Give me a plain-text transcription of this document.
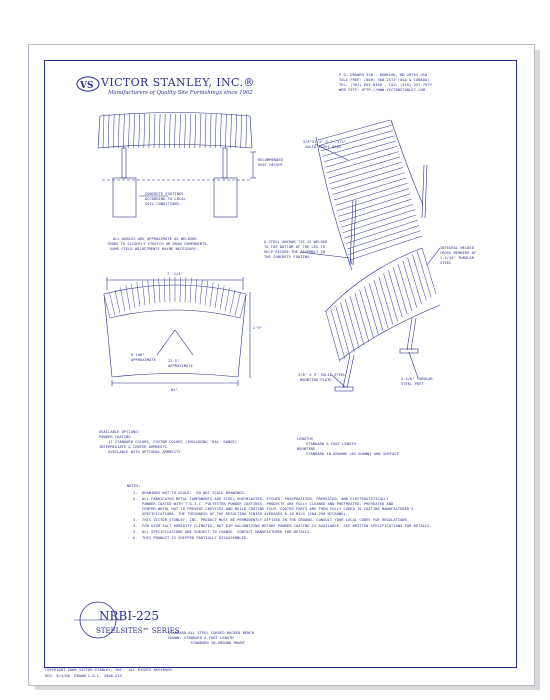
VS VICTOR STANLEY, INC.®
Manufacturers of Quality Site Furnishings since 1962
P.O. DRAWER 330 - DUNKIRK, MD 20754 USA
TOLL FREE: (800) 368-2573 (USA & CANADA)
TEL: (301) 855-8300 - FAX: (410) 257-7579
WEB SITE: HTTP://WWW.VICTORSTANLEY.COM
RECOMMENDED
SEAT HEIGHT
CONCRETE FOOTINGS
ACCORDING TO LOCAL
SOIL CONDITIONS.
ALL ANGLES ARE APPROXIMATE AS WELDING
TENDS TO SLIGHTLY STRETCH OR DRAW COMPONENTS.
SOME FIELD ADJUSTMENTS MAYBE NECESSARY.
7'-1/4"
2'9"
R 108"
APPROXIMATE	22.5°
APPROXIMATE
82"
3/8"X1/4" X 7'-1/2"
SOLID STEEL BARS
A STEEL ANCHOR TIE IS WELDED
TO THE BOTTOM OF THE LEG TO
HELP SECURE THE ASSEMBLY IN
THE CONCRETE FOOTING
INTEGRAL WELDED
CROSS MEMBERS OF
1-5/16" TUBULAR
STEEL
3/8" X 3" SOLID STEEL
MOUNTING PLATE	2-3/8" TUBULAR
STEEL POST
AVAILABLE OPTIONS:
POWDER COATING
17 STANDARD COLORS, CUSTOM COLORS (INCLUDING 'RAL' RANGE)
INTERMEDIATE & CENTER ARMRESTS
AVAILABLE WITH OPTIONAL ARMRESTS
LENGTHS
STANDARD 6-FOOT LENGTH
MOUNTING
STANDARD IN-GROUND (AS SHOWN) AND SURFACE
NOTES:
1.  DRAWINGS NOT TO SCALE.  DO NOT SCALE DRAWINGS.
2.  ALL FABRICATED METAL COMPONENTS ARE STEEL SHOTBLASTED, ETCHED, PHOSPHATIZED, PREHEATED, AND ELECTROSTATICALLY
POWDER-COATED WITH T.G.I.C. POLYESTER POWDER COATINGS. PRODUCTS ARE FULLY CLEANED AND PRETREATED, PREHEATED AND
CENTER-WHIRL HOT TO PREVENT CREVICES AND BUILD COATING FILM. COATED PARTS ARE THEN FULLY CURED TO COATING MANUFACTURER'S
SPECIFICATIONS. THE THICKNESS OF THE RESULTING FINISH AVERAGES 8-10 MILS (200-250 MICRONS).
3.  THIS VICTOR STANLEY, INC. PRODUCT MUST BE PERMANENTLY AFFIXED IN THE GROUND. CONSULT YOUR LOCAL CODES FOR REGULATIONS.
4.  FOR HIGH SALT HUMIDITY CLIMATES, HOT DIP GALVANIZING BEFORE POWDER COATING IS AVAILABLE. SEE WRITTEN SPECIFICATIONS FOR DETAILS.
5.  ALL SPECIFICATIONS ARE SUBJECT TO CHANGE. CONTACT MANUFACTURER FOR DETAILS.
6.  THIS PRODUCT IS SHIPPED PARTIALLY DISASSEMBLED.
NRBI-225
STEELSITES™ SERIES
STANDARD ALL STEEL CURVED BACKED BENCH
SHOWN: STANDARD 6-FOOT LENGTH
STANDARD IN-GROUND MOUNT
COPYRIGHT 2008 VICTOR STANLEY, INC.  ALL RIGHTS RESERVED
REV. 6/4/08  DRAWN L.D.L. 2008-225
